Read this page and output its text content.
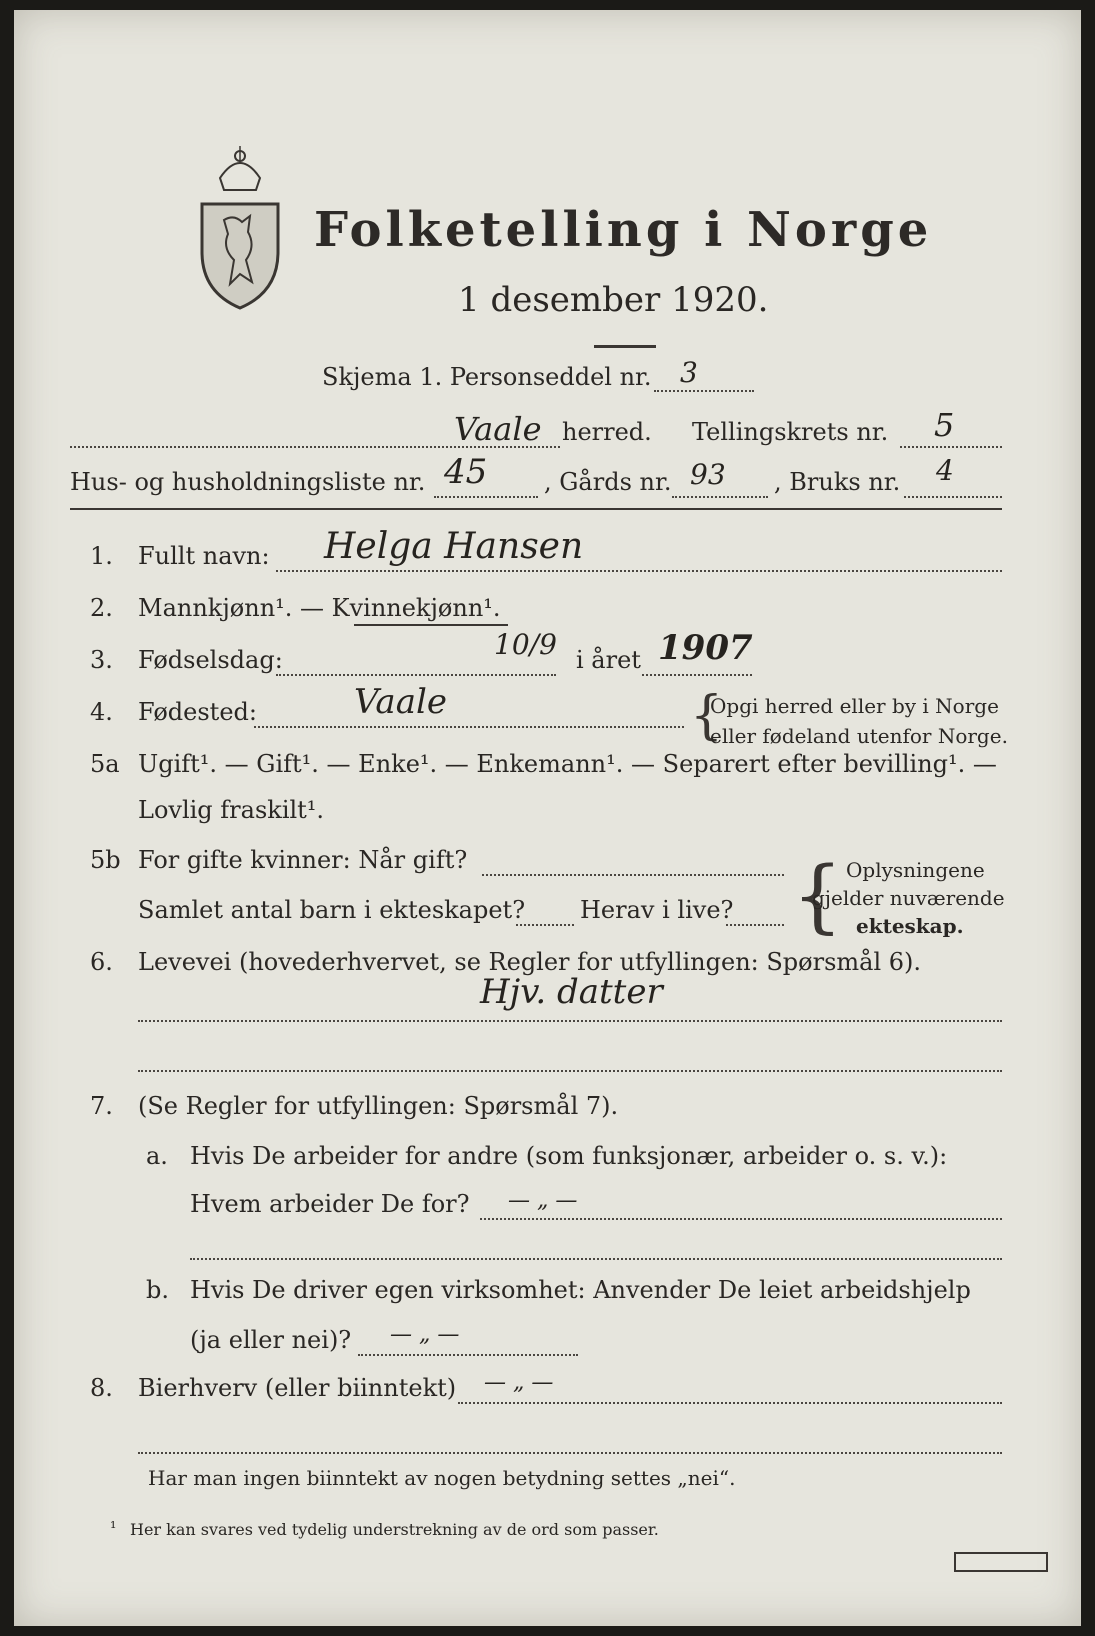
Folketelling i Norge
1 desember 1920.
Skjema 1. Personseddel nr. 3
Vaale herred. Tellingskrets nr. 5
Hus- og husholdningsliste nr. 45 , Gårds nr. 93 , Bruks nr. 4
1. Fullt navn: Helga Hansen
2. Mannkjønn¹. — Kvinnekjønn¹.
3. Fødselsdag:	10/9 i året 1907
4. Fødested:	Vaale	{
Opgi herred eller by i Norge
eller fødeland utenfor Norge.
5a Ugift¹. — Gift¹. — Enke¹. — Enkemann¹. — Separert efter bevilling¹. —
Lovlig fraskilt¹.
5b For gifte kvinner: Når gift?
Samlet antal barn i ekteskapet? Herav i live? { Oplysningene
gjelder nuværende
ekteskap.
6. Levevei (hovederhvervet, se Regler for utfyllingen: Spørsmål 6).
Hjv. datter
7. (Se Regler for utfyllingen: Spørsmål 7).
a. Hvis De arbeider for andre (som funksjonær, arbeider o. s. v.):
Hvem arbeider De for? — „ —
b. Hvis De driver egen virksomhet: Anvender De leiet arbeidshjelp
(ja eller nei)? — „ —
8. Bierhverv (eller biinntekt) — „ —
Har man ingen biinntekt av nogen betydning settes „nei“.
¹ Her kan svares ved tydelig understrekning av de ord som passer.
